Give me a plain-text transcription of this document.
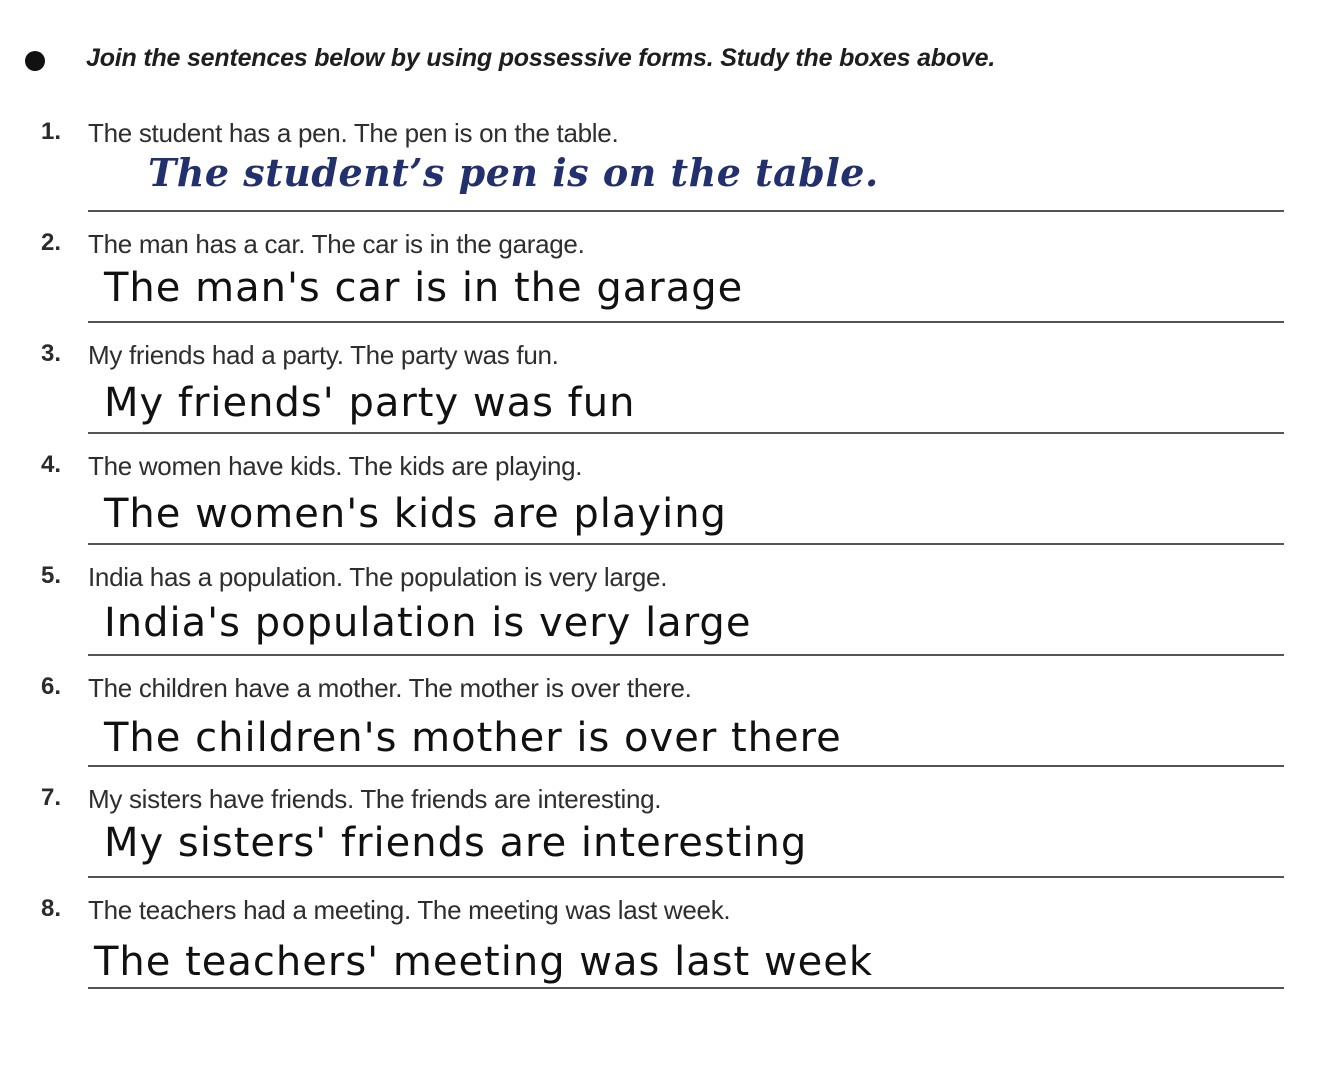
Join the sentences below by using possessive forms. Study the boxes above.
1. The student has a pen. The pen is on the table.
The student’s pen is on the table.
2. The man has a car. The car is in the garage.
The man's car is in the garage
3. My friends had a party. The party was fun.
My friends' party was fun
4. The women have kids. The kids are playing.
The women's kids are playing
5. India has a population. The population is very large.
India's population is very large
6. The children have a mother. The mother is over there.
The children's mother is over there
7. My sisters have friends. The friends are interesting.
My sisters' friends are interesting
8. The teachers had a meeting. The meeting was last week.
The teachers' meeting was last week
